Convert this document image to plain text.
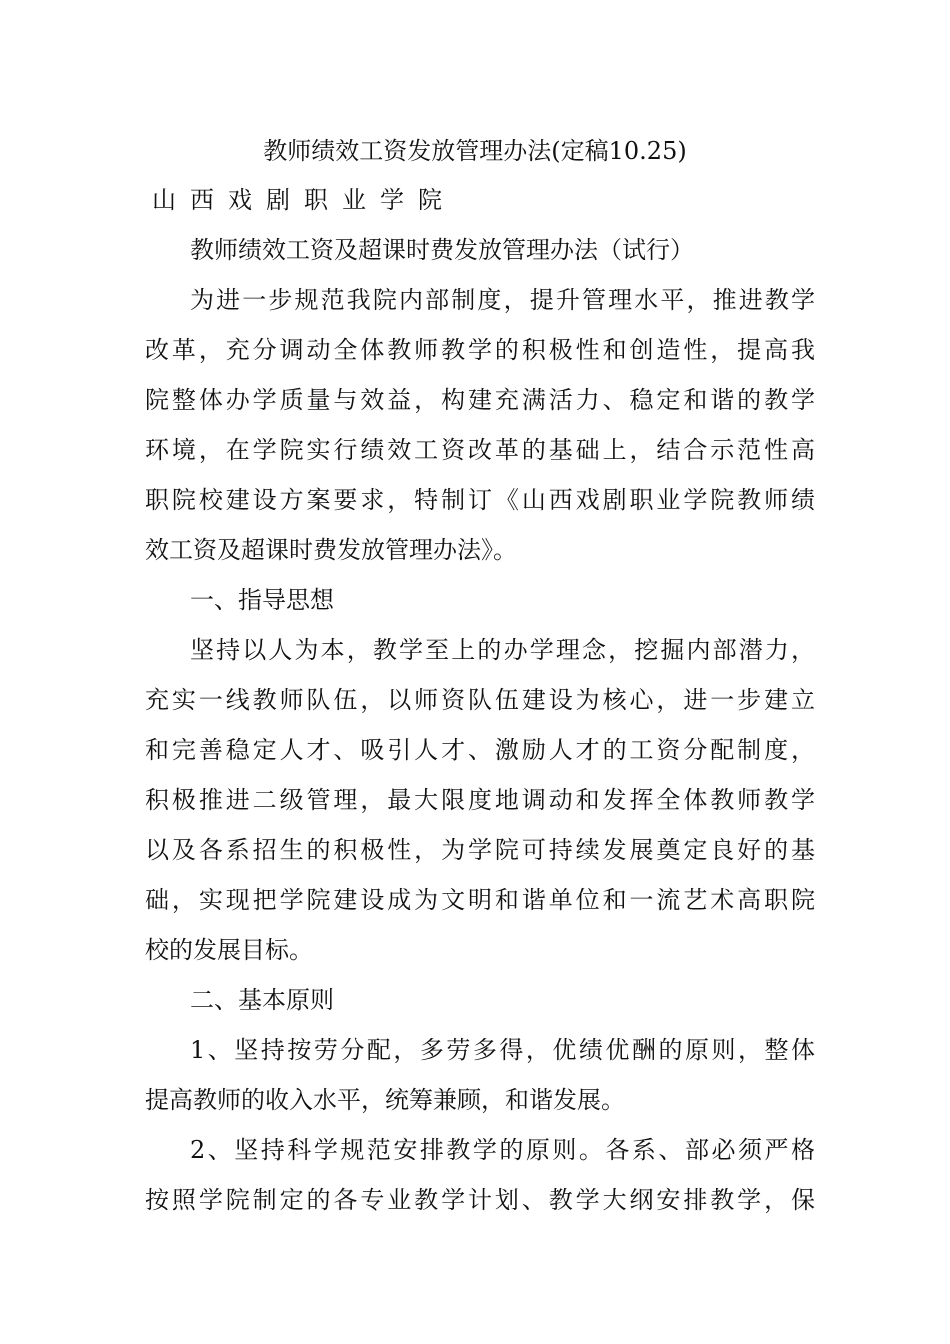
教师绩效工资发放管理办法(定稿10.25)
山西戏剧职业学院
教师绩效工资及超课时费发放管理办法（试行）
为进一步规范我院内部制度，提升管理水平，推进教学
改革，充分调动全体教师教学的积极性和创造性，提高我
院整体办学质量与效益，构建充满活力、稳定和谐的教学
环境，在学院实行绩效工资改革的基础上，结合示范性高
职院校建设方案要求，特制订《山西戏剧职业学院教师绩
效工资及超课时费发放管理办法》。
一、指导思想
坚持以人为本，教学至上的办学理念，挖掘内部潜力，
充实一线教师队伍，以师资队伍建设为核心，进一步建立
和完善稳定人才、吸引人才、激励人才的工资分配制度，
积极推进二级管理，最大限度地调动和发挥全体教师教学
以及各系招生的积极性，为学院可持续发展奠定良好的基
础，实现把学院建设成为文明和谐单位和一流艺术高职院
校的发展目标。
二、基本原则
1、坚持按劳分配，多劳多得，优绩优酬的原则，整体
提高教师的收入水平，统筹兼顾，和谐发展。
2、坚持科学规范安排教学的原则。各系、部必须严格
按照学院制定的各专业教学计划、教学大纲安排教学，保
